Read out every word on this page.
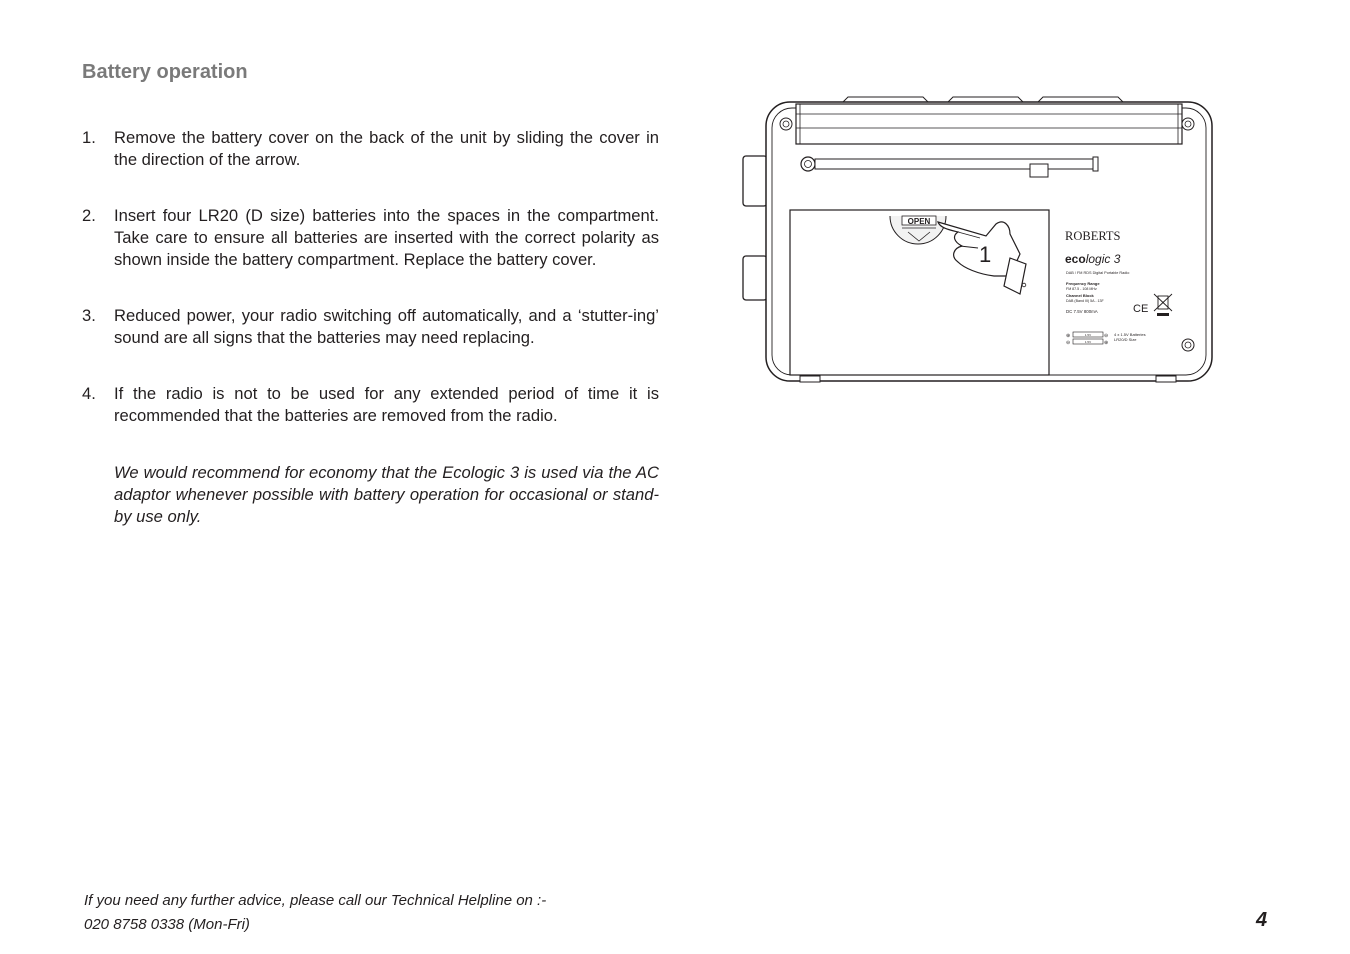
Battery operation
1. Remove the battery cover on the back of the unit by sliding the cover in the direction of the arrow.
2. Insert four LR20 (D size) batteries into the spaces in the compartment. Take care to ensure all batteries are inserted with the correct polarity as shown inside the battery compartment. Replace the battery cover.
3. Reduced power, your radio switching off automatically, and a ‘stutter-ing’ sound are all signs that the batteries may need replacing.
4. If the radio is not to be used for any extended period of time it is recommended that the batteries are removed from the radio.

We would recommend for economy that the Ecologic 3 is used via the AC adaptor whenever possible with battery operation for occasional or stand-by use only.

OPEN
1
ROBERTS
ecologic 3
DAB / FM RDS Digital Portable Radio
Frequency Range
FM 87.5 - 108 MHz
Channel Block
DAB (Band III) 5A - 13F
DC 7.5V 800mA	CE
⊕
⊖
1.5V
1.5V
⊖
⊕
4 x 1.5V Batteries
LR20/D Size
If you need any further advice, please call our Technical Helpline on :-
020 8758 0338 (Mon-Fri)	4
